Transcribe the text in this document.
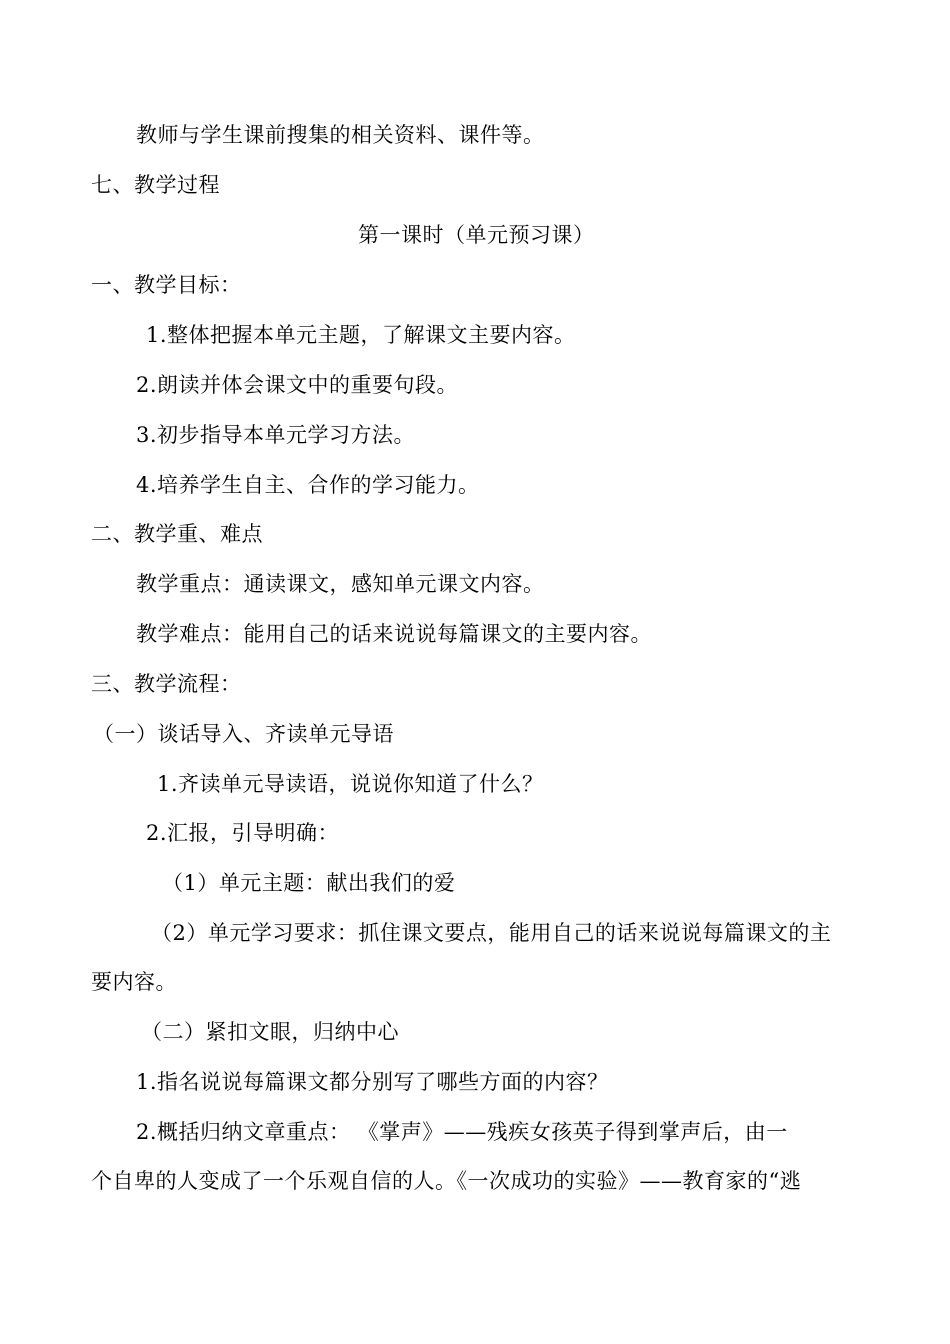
教师与学生课前搜集的相关资料、课件等。
七、教学过程
第一课时（单元预习课）
一、教学目标：
1.整体把握本单元主题，了解课文主要内容。
2.朗读并体会课文中的重要句段。
3.初步指导本单元学习方法。
4.培养学生自主、合作的学习能力。
二、教学重、难点
教学重点：通读课文，感知单元课文内容。
教学难点：能用自己的话来说说每篇课文的主要内容。
三、教学流程：
（一）谈话导入、齐读单元导语
1.齐读单元导读语，说说你知道了什么？
2.汇报，引导明确：
（1）单元主题：献出我们的爱
（2）单元学习要求：抓住课文要点，能用自己的话来说说每篇课文的主
要内容。
（二）紧扣文眼，归纳中心
1.指名说说每篇课文都分别写了哪些方面的内容？
2.概括归纳文章重点： 《掌声》——残疾女孩英子得到掌声后，由一
个自卑的人变成了一个乐观自信的人。《一次成功的实验》——教育家的“逃
